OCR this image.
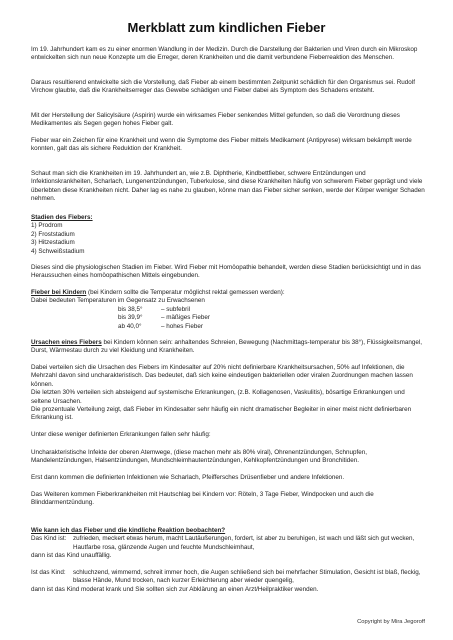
Merkblatt zum kindlichen Fieber

Im 19. Jahrhundert kam es zu einer enormen Wandlung in der Medizin. Durch die Darstellung der Bakterien und Viren durch ein Mikroskop entwickelten sich nun neue Konzepte um die Erreger, deren Krankheiten und die damit verbundene Fieberreaktion des Menschen.

Daraus resultierend entwickelte sich die Vorstellung, daß Fieber ab einem bestimmten Zeitpunkt schädlich für den Organismus sei. Rudolf Virchow glaubte, daß die Krankheitserreger das Gewebe schädigen und Fieber dabei als Symptom des Schadens entsteht.

Mit der Herstellung der Salicylsäure (Aspirin) wurde ein wirksames Fieber senkendes Mittel gefunden, so daß die Verordnung dieses Medikamentes als Segen gegen hohes Fieber galt.

Fieber war ein Zeichen für eine Krankheit und wenn die Symptome des Fieber mittels Medikament (Antipyrese) wirksam bekämpft werde konnten, galt das als sichere Reduktion der Krankheit.

Schaut man sich die Krankheiten im 19. Jahrhundert an, wie z.B. Diphtherie, Kindbettfieber, schwere Entzündungen und Infektionskrankheiten, Scharlach, Lungenentzündungen, Tuberkulose, sind diese Krankheiten häufig von schwerem Fieber geprägt und viele überlebten diese Krankheiten nicht. Daher lag es nahe zu glauben, könne man das Fieber sicher senken, werde der Körper weniger Schaden nehmen.

Stadien des Fiebers:

1) Prodrom

2) Froststadium

3) Hitzestadium

4) Schweißstadium

Dieses sind die physiologischen Stadien im Fieber. Wird Fieber mit Homöopathie behandelt, werden diese Stadien berücksichtigt und in das Heraussuchen eines homöopathischen Mittels eingebunden.

Fieber bei Kindern (bei Kindern sollte die Temperatur möglichst rektal gemessen werden):

Dabei bedeuten Temperaturen im Gegensatz zu Erwachsenen

bis 38,5°	– subfebril
bis 39,9°	– mäßiges Fieber
ab 40,0°	– hohes Fieber

Ursachen eines Fiebers bei Kindern können sein: anhaltendes Schreien, Bewegung (Nachmittags-temperatur bis 38°), Flüssigkeitsmangel, Durst, Wärmestau durch zu viel Kleidung und Krankheiten.

Dabei verteilen sich die Ursachen des Fiebers im Kindesalter auf 20% nicht definierbare Krankheitsursachen, 50% auf Infektionen, die Mehrzahl davon sind uncharakteristisch. Das bedeutet, daß sich keine eindeutigen bakteriellen oder viralen Zuordnungen machen lassen können.

Die letzten 30% verteilen sich absteigend auf systemische Erkrankungen, (z.B. Kollagenosen, Vaskulitis), bösartige Erkrankungen und seltene Ursachen.

Die prozentuale Verteilung zeigt, daß Fieber im Kindesalter sehr häufig ein nicht dramatischer Begleiter in einer meist nicht definierbaren Erkrankung ist.

Unter diese weniger definierten Erkrankungen fallen sehr häufig:

Uncharakteristische Infekte der oberen Atemwege, (diese machen mehr als 80% viral), Ohrenentzündungen, Schnupfen, Mandelentzündungen, Halsentzündungen, Mundschleimhautentzündungen, Kehlkopfentzündungen und Bronchitiden.

Erst dann kommen die definierten Infektionen wie Scharlach, Pfeiffersches Drüsenfieber und andere Infektionen.

Das Weiteren kommen Fieberkrankheiten mit Hautschlag bei Kindern vor: Röteln, 3 Tage Fieber, Windpocken und auch die Blinddarmentzündung.

Wie kann ich das Fieber und die kindliche Reaktion beobachten?

Das Kind ist:	zufrieden, meckert etwas herum, macht Lautäußerungen, fordert, ist aber zu beruhigen, ist wach und läßt sich gut wecken, Hautfarbe rosa, glänzende Augen und feuchte Mundschleimhaut,

dann ist das Kind unauffällig.

Ist das Kind:	schluchzend, wimmernd, schreit immer hoch, die Augen schließend sich bei mehrfacher Stimulation, Gesicht ist blaß, fleckig, blasse Hände, Mund trocken, nach kurzer Erleichterung aber wieder quengelig,

dann ist das Kind moderat krank und Sie sollten sich zur Abklärung an einen Arzt/Heilpraktiker wenden.

Copyright by Mira Jegoroff
